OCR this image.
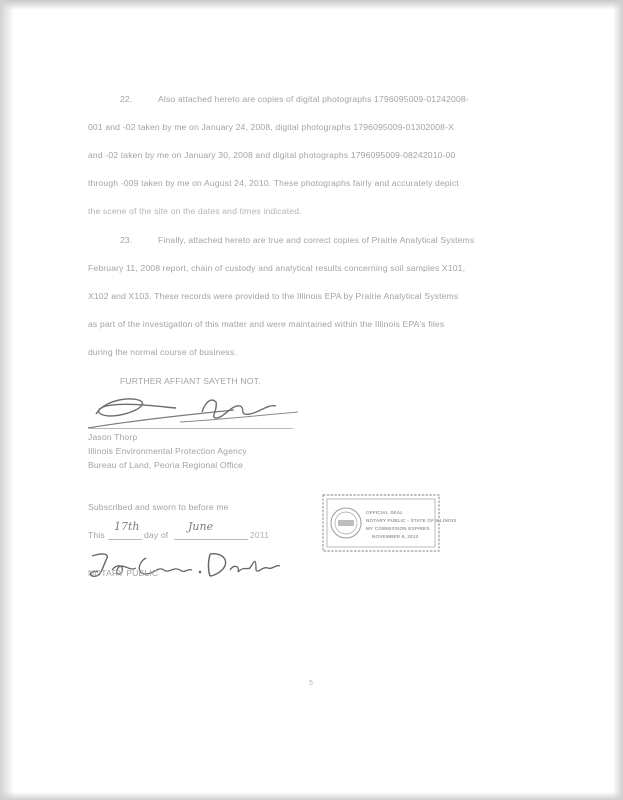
22.	Also attached hereto are copies of digital photographs 1796095009-01242008-
001 and -02 taken by me on January 24, 2008, digital photographs 1796095009-01302008-X
and -02 taken by me on January 30, 2008 and digital photographs 1796095009-08242010-00
through -009 taken by me on August 24, 2010. These photographs fairly and accurately depict
the scene of the site on the dates and times indicated.
23.	Finally, attached hereto are true and correct copies of Prairie Analytical Systems
February 11, 2008 report, chain of custody and analytical results concerning soil samples X101,
X102 and X103. These records were provided to the Illinois EPA by Prairie Analytical Systems
as part of the investigation of this matter and were maintained within the Illinois EPA's files
during the normal course of business.
FURTHER AFFIANT SAYETH NOT.
Jason Thorp
Illinois Environmental Protection Agency
Bureau of Land, Peoria Regional Office
Subscribed and sworn to before me
This
17th
day of
June
2011
NOTARY PUBLIC
OFFICIAL SEAL
NOTARY PUBLIC - STATE OF ILLINOIS
MY COMMISSION EXPIRES
NOVEMBER 9, 2013
5
